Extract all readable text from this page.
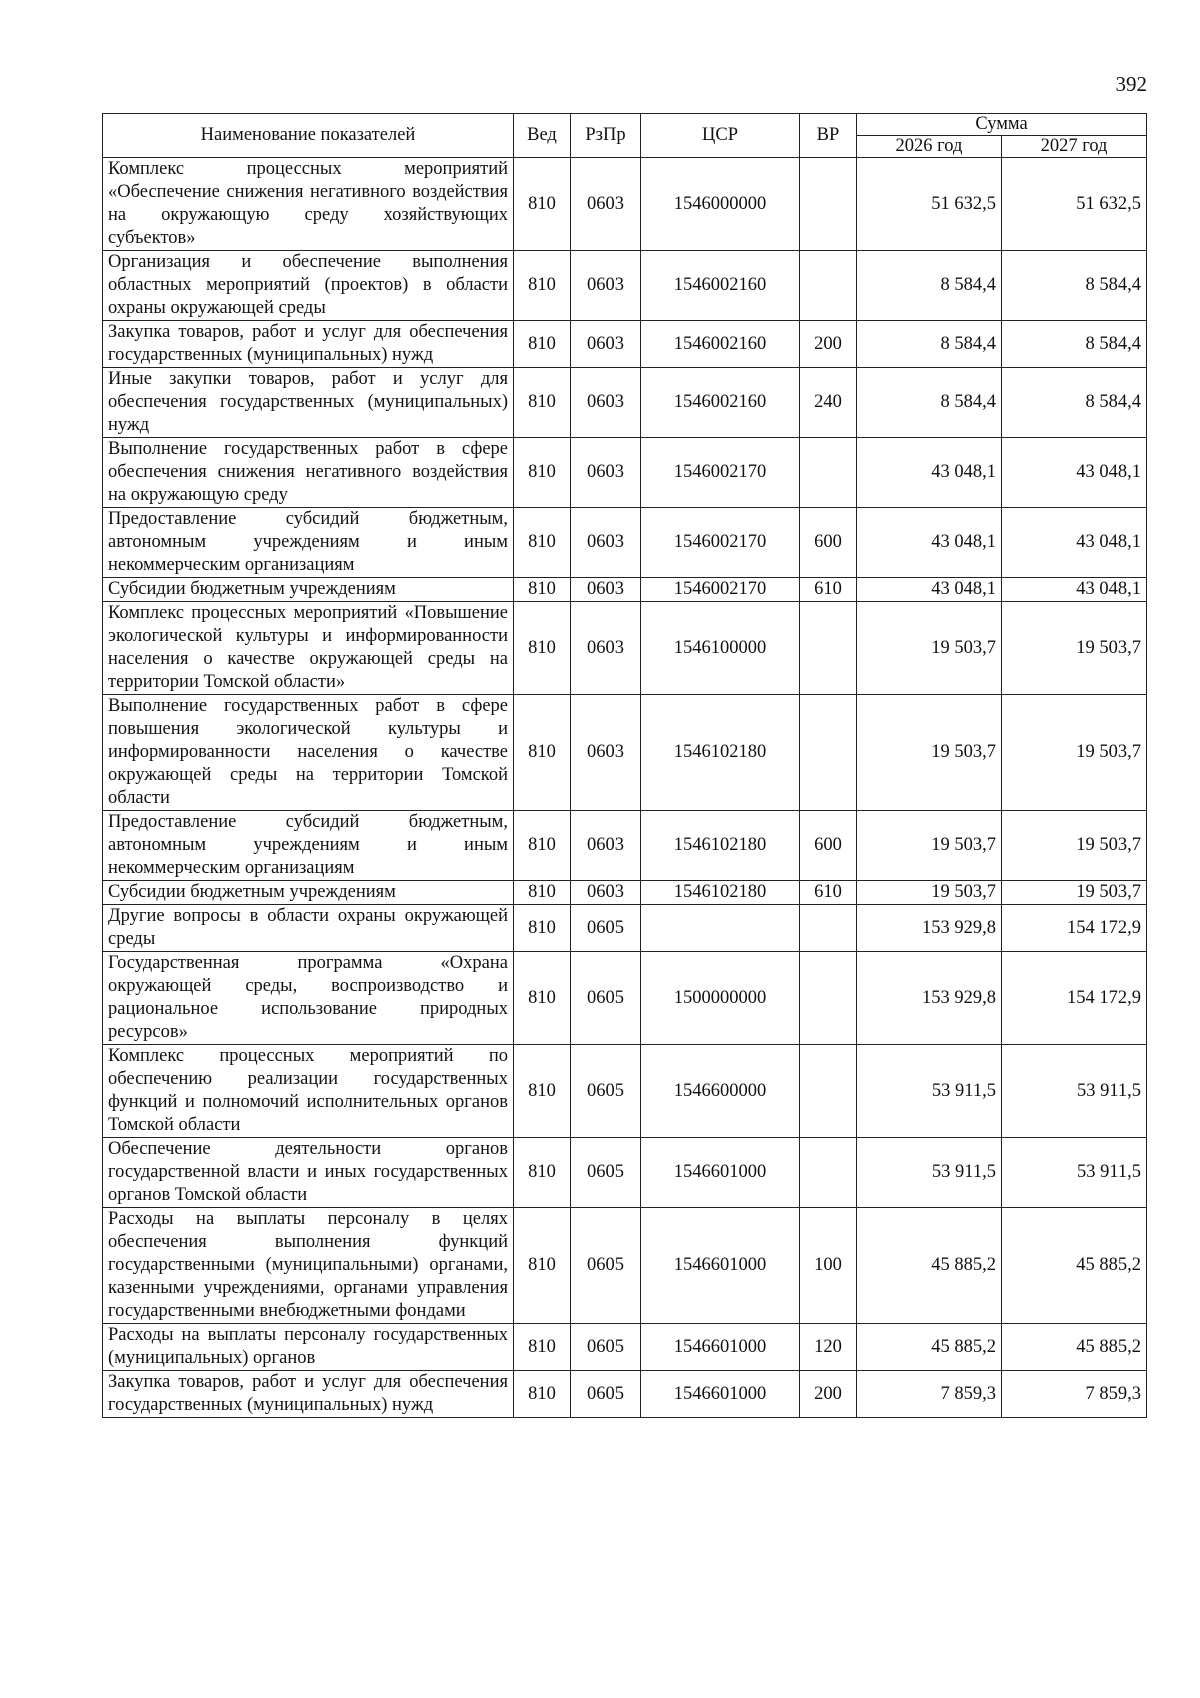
392
Наименование показателей	Вед	РзПр	ЦСР	ВР	Сумма	
					2026 год	2027 год
Комплекс процессных мероприятий «Обеспечение снижения негативного воздействия на окружающую среду хозяйствующих субъектов»	810	0603	1546000000		51 632,5	51 632,5
Организация и обеспечение выполнения областных мероприятий (проектов) в области охраны окружающей среды	810	0603	1546002160		8 584,4	8 584,4
Закупка товаров, работ и услуг для обеспечения государственных (муниципальных) нужд	810	0603	1546002160	200	8 584,4	8 584,4
Иные закупки товаров, работ и услуг для обеспечения государственных (муниципальных) нужд	810	0603	1546002160	240	8 584,4	8 584,4
Выполнение государственных работ в сфере обеспечения снижения негативного воздействия на окружающую среду	810	0603	1546002170		43 048,1	43 048,1
Предоставление субсидий бюджетным, автономным учреждениям и иным некоммерческим организациям	810	0603	1546002170	600	43 048,1	43 048,1
Субсидии бюджетным учреждениям	810	0603	1546002170	610	43 048,1	43 048,1
Комплекс процессных мероприятий «Повышение экологической культуры и информированности населения о качестве окружающей среды на территории Томской области»	810	0603	1546100000		19 503,7	19 503,7
Выполнение государственных работ в сфере повышения экологической культуры и информированности населения о качестве окружающей среды на территории Томской области	810	0603	1546102180		19 503,7	19 503,7
Предоставление субсидий бюджетным, автономным учреждениям и иным некоммерческим организациям	810	0603	1546102180	600	19 503,7	19 503,7
Субсидии бюджетным учреждениям	810	0603	1546102180	610	19 503,7	19 503,7
Другие вопросы в области охраны окружающей среды	810	0605			153 929,8	154 172,9
Государственная программа «Охрана окружающей среды, воспроизводство и рациональное использование природных ресурсов»	810	0605	1500000000		153 929,8	154 172,9
Комплекс процессных мероприятий по обеспечению реализации государственных функций и полномочий исполнительных органов Томской области	810	0605	1546600000		53 911,5	53 911,5
Обеспечение деятельности органов государственной власти и иных государственных органов Томской области	810	0605	1546601000		53 911,5	53 911,5
Расходы на выплаты персоналу в целях обеспечения выполнения функций государственными (муниципальными) органами, казенными учреждениями, органами управления государственными внебюджетными фондами	810	0605	1546601000	100	45 885,2	45 885,2
Расходы на выплаты персоналу государственных (муниципальных) органов	810	0605	1546601000	120	45 885,2	45 885,2
Закупка товаров, работ и услуг для обеспечения государственных (муниципальных) нужд	810	0605	1546601000	200	7 859,3	7 859,3
